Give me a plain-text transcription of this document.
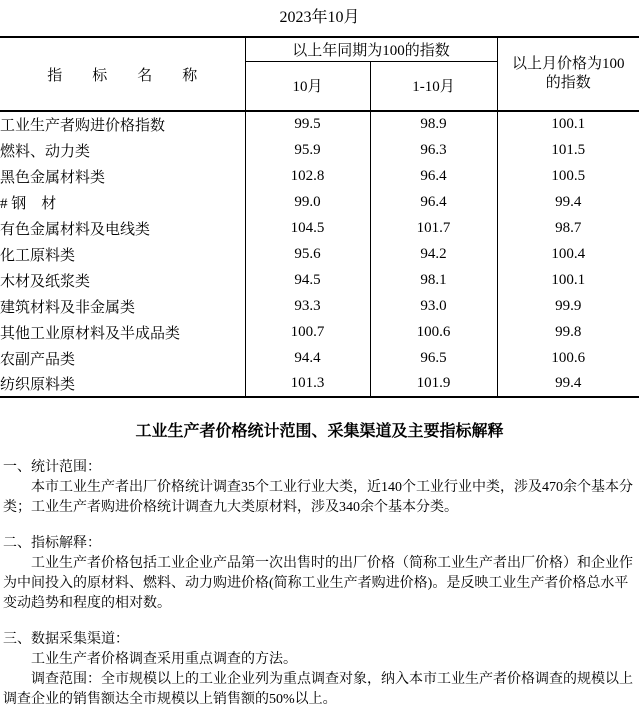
2023年10月
指　　标　　名　　称	以上年同期为100的指数		以上月价格为100的指数
	10月	1-10月	
工业生产者购进价格指数	99.5	98.9	100.1
燃料、动力类	95.9	96.3	101.5
黑色金属材料类	102.8	96.4	100.5
# 钢　材	99.0	96.4	99.4
有色金属材料及电线类	104.5	101.7	98.7
化工原料类	95.6	94.2	100.4
木材及纸浆类	94.5	98.1	100.1
建筑材料及非金属类	93.3	93.0	99.9
其他工业原材料及半成品类	100.7	100.6	99.8
农副产品类	94.4	96.5	100.6
纺织原料类	101.3	101.9	99.4
工业生产者价格统计范围、采集渠道及主要指标解释
一、统计范围：

本市工业生产者出厂价格统计调查35个工业行业大类，近140个工业行业中类，涉及470余个基本分类；工业生产者购进价格统计调查九大类原材料，涉及340余个基本分类。

二、指标解释：

工业生产者价格包括工业企业产品第一次出售时的出厂价格（简称工业生产者出厂价格）和企业作为中间投入的原材料、燃料、动力购进价格(简称工业生产者购进价格)。是反映工业生产者价格总水平变动趋势和程度的相对数。

三、数据采集渠道：

工业生产者价格调查采用重点调查的方法。

调查范围：全市规模以上的工业企业列为重点调查对象，纳入本市工业生产者价格调查的规模以上调查企业的销售额达全市规模以上销售额的50%以上。
